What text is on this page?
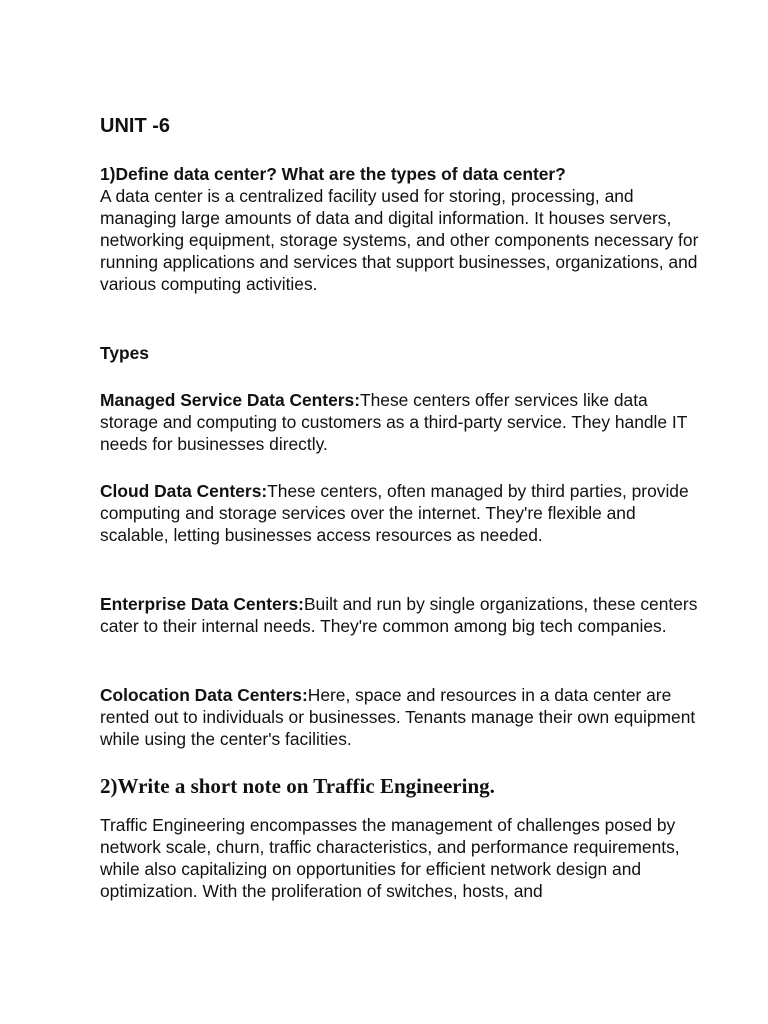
UNIT -6

1)Define data center? What are the types of data center?
A data center is a centralized facility used for storing, processing, and managing large amounts of data and digital information. It houses servers, networking equipment, storage systems, and other components necessary for running applications and services that support businesses, organizations, and various computing activities.

Types

Managed Service Data Centers:These centers offer services like data storage and computing to customers as a third-party service. They handle IT needs for businesses directly.

Cloud Data Centers:These centers, often managed by third parties, provide computing and storage services over the internet. They're flexible and scalable, letting businesses access resources as needed.

Enterprise Data Centers:Built and run by single organizations, these centers cater to their internal needs. They're common among big tech companies.

Colocation Data Centers:Here, space and resources in a data center are rented out to individuals or businesses. Tenants manage their own equipment while using the center's facilities.

2)Write a short note on Traffic Engineering.

Traffic Engineering encompasses the management of challenges posed by network scale, churn, traffic characteristics, and performance requirements, while also capitalizing on opportunities for efficient network design and optimization. With the proliferation of switches, hosts, and
